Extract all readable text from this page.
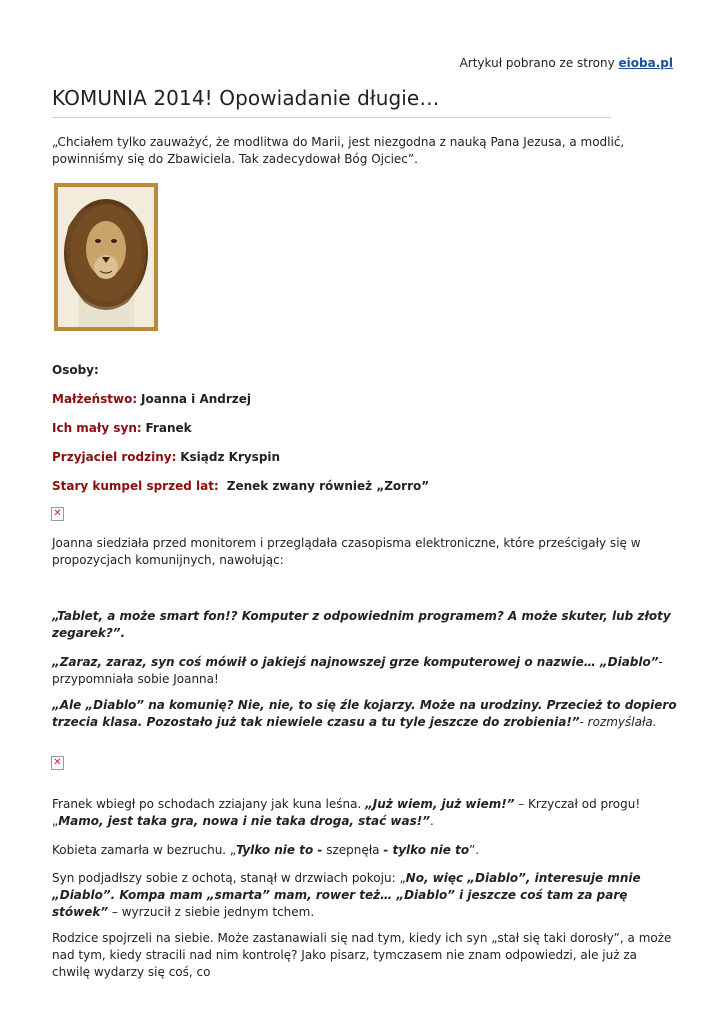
Artykuł pobrano ze strony eioba.pl
KOMUNIA 2014! Opowiadanie długie…

„Chciałem tylko zauważyć, że modlitwa do Marii, jest niezgodna z nauką Pana Jezusa, a modlić, powinniśmy się do Zbawiciela. Tak zadecydował Bóg Ojciec”.

Osoby:

Małżeństwo: Joanna i Andrzej

Ich mały syn: Franek

Przyjaciel rodziny: Ksiądz Kryspin

Stary kumpel sprzed lat:  Zenek zwany również „Zorro”

✕

Joanna siedziała przed monitorem i przeglądała czasopisma elektroniczne, które prześcigały się w propozycjach komunijnych, nawołując:

„Tablet, a może smart fon!? Komputer z odpowiednim programem? A może skuter, lub złoty zegarek?”.

„Zaraz, zaraz, syn coś mówił o jakiejś najnowszej grze komputerowej o nazwie… „Diablo”- przypomniała sobie Joanna!

„Ale „Diablo” na komunię? Nie, nie, to się źle kojarzy. Może na urodziny. Przecież to dopiero trzecia klasa. Pozostało już tak niewiele czasu a tu tyle jeszcze do zrobienia!”- rozmyślała.

✕

Franek wbiegł po schodach zziajany jak kuna leśna. „Już wiem, już wiem!” – Krzyczał od progu! „Mamo, jest taka gra, nowa i nie taka droga, stać was!”.

Kobieta zamarła w bezruchu. „Tylko nie to - szepnęła - tylko nie to”.

Syn podjadłszy sobie z ochotą, stanął w drzwiach pokoju: „No, więc „Diablo”, interesuje mnie „Diablo”. Kompa mam „smarta” mam, rower też… „Diablo” i jeszcze coś tam za parę stówek” – wyrzucił z siebie jednym tchem.

Rodzice spojrzeli na siebie. Może zastanawiali się nad tym, kiedy ich syn „stał się taki dorosły”, a może nad tym, kiedy stracili nad nim kontrolę? Jako pisarz, tymczasem nie znam odpowiedzi, ale już za chwilę wydarzy się coś, co
